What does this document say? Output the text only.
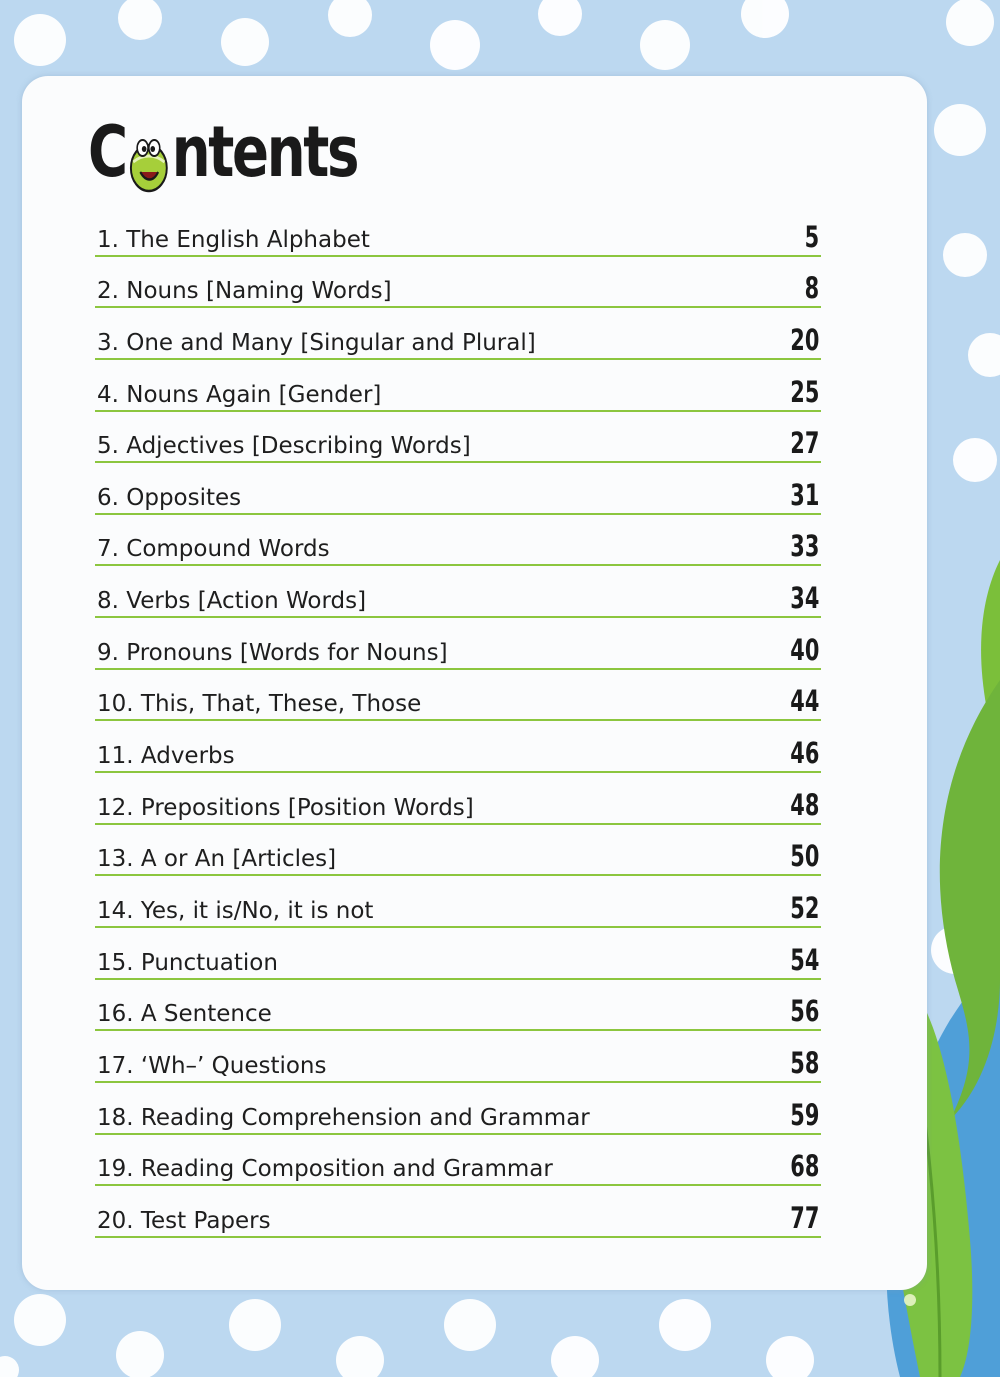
C ntents
1. The English Alphabet	5
2. Nouns [Naming Words]	8
3. One and Many [Singular and Plural]	20
4. Nouns Again [Gender]	25
5. Adjectives [Describing Words]	27
6. Opposites	31
7. Compound Words	33
8. Verbs [Action Words]	34
9. Pronouns [Words for Nouns]	40
10. This, That, These, Those	44
11. Adverbs	46
12. Prepositions [Position Words]	48
13. A or An [Articles]	50
14. Yes, it is/No, it is not	52
15. Punctuation	54
16. A Sentence	56
17. ‘Wh–’ Questions	58
18. Reading Comprehension and Grammar	59
19. Reading Composition and Grammar	68
20. Test Papers	77
